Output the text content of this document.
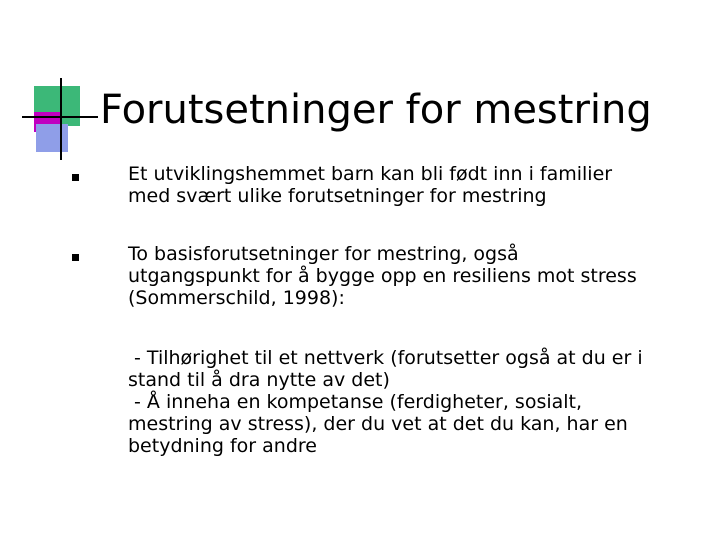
Forutsetninger for mestring
Et utviklingshemmet barn kan bli født inn i familier
med svært ulike forutsetninger for mestring
To basisforutsetninger for mestring, også
utgangspunkt for å bygge opp en resiliens mot stress
(Sommerschild, 1998):
- Tilhørighet til et nettverk (forutsetter også at du er i
stand til å dra nytte av det)
- Å inneha en kompetanse (ferdigheter, sosialt,
mestring av stress), der du vet at det du kan, har en
betydning for andre
